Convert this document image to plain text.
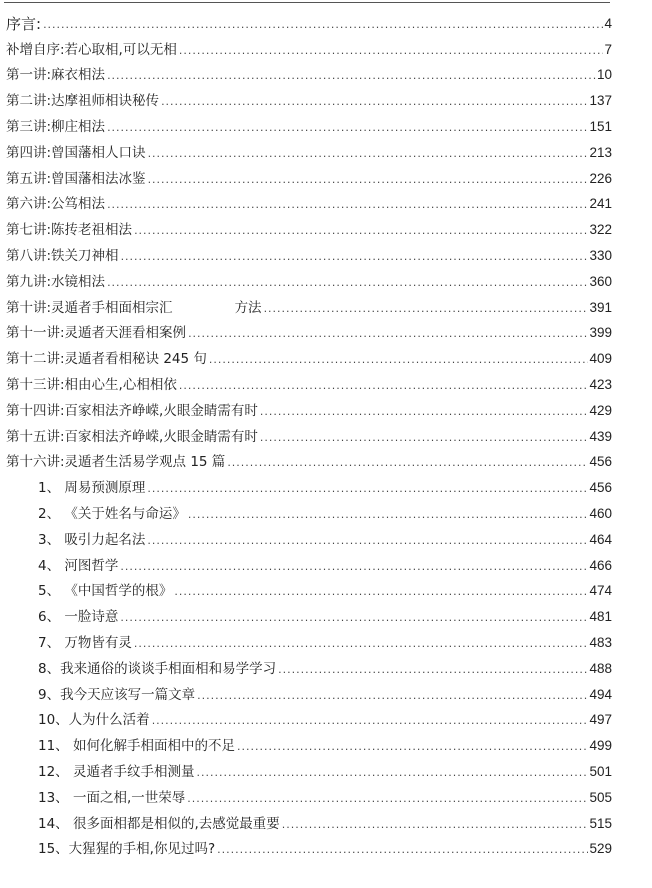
序言: .....	4
补增自序:若心取相,可以无相 .....	7
第一讲:麻衣相法 .....	10
第二讲:达摩祖师相诀秘传 .....	137
第三讲:柳庄相法 .....	151
第四讲:曾国藩相人口诀 .....	213
第五讲:曾国藩相法冰鉴 .....	226
第六讲:公笃相法 .....	241
第七讲:陈抟老祖相法 .....	322
第八讲:铁关刀神相 .....	330
第九讲:水镜相法 .....	360
第十讲:灵遁者手相面相宗汇	方法 .....	391
第十一讲:灵遁者天涯看相案例 .....	399
第十二讲:灵遁者看相秘诀 245 句 .....	409
第十三讲:相由心生,心相相依 .....	423
第十四讲:百家相法齐峥嵘,火眼金睛需有时 .....	429
第十五讲:百家相法齐峥嵘,火眼金睛需有时 .....	439
第十六讲:灵遁者生活易学观点 15 篇 .....	456
1、 周易预测原理 .....	456
2、 《关于姓名与命运》 .....	460
3、 吸引力起名法 .....	464
4、 河图哲学 .....	466
5、 《中国哲学的根》 .....	474
6、 一脸诗意 .....	481
7、 万物皆有灵 .....	483
8、我来通俗的谈谈手相面相和易学学习 .....	488
9、我今天应该写一篇文章 .....	494
10、人为什么活着 .....	497
11、 如何化解手相面相中的不足 .....	499
12、 灵遁者手纹手相测量 .....	501
13、 一面之相,一世荣辱 .....	505
14、 很多面相都是相似的,去感觉最重要 .....	515
15、大猩猩的手相,你见过吗? .....	529
